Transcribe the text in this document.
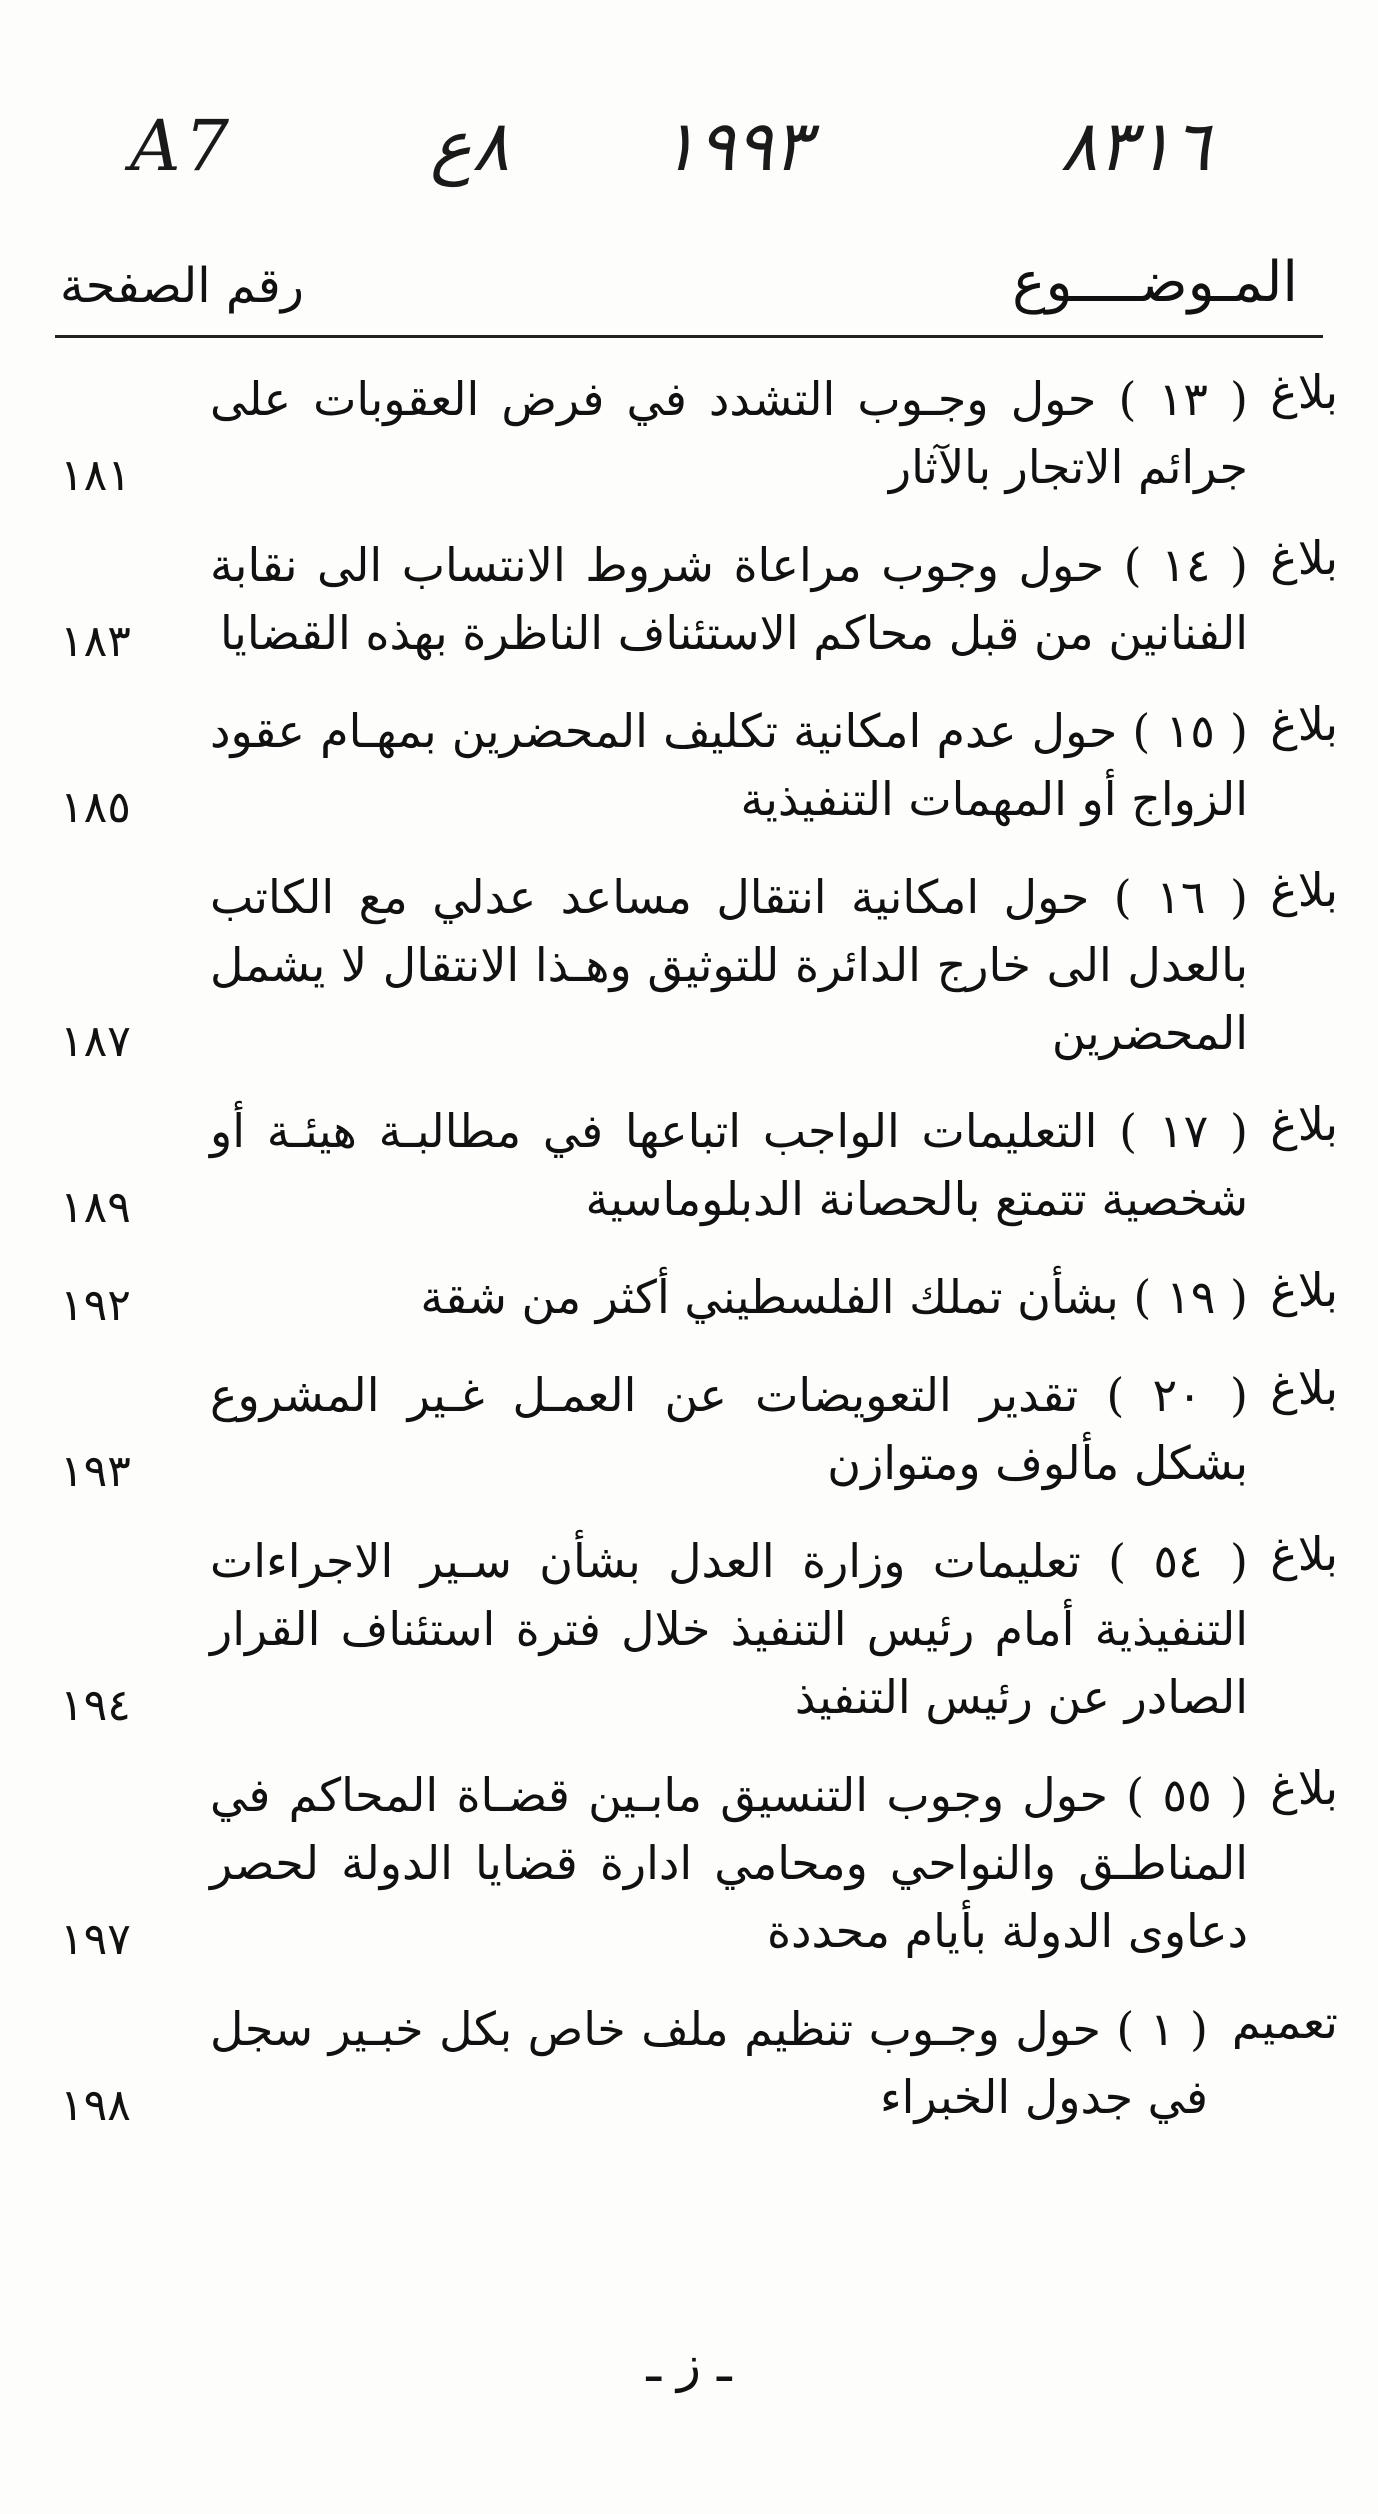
A7	٨ع ١٩٩٣	٨٣١٦
المـوضــــوع
رقم الصفحة
بلاغ
( ١٣ ) حول وجـوب التشدد في فرض العقوبات على جرائم الاتجار بالآثار
١٨١
بلاغ
( ١٤ ) حول وجوب مراعاة شروط الانتساب الى نقابة الفنانين من قبل محاكم الاستئناف الناظرة بهذه القضايا
١٨٣
بلاغ
( ١٥ ) حول عدم امكانية تكليف المحضرين بمهـام عقود الزواج أو المهمات التنفيذية
١٨٥
بلاغ
( ١٦ ) حول امكانية انتقال مساعد عدلي مع الكاتب بالعدل الى خارج الدائرة للتوثيق وهـذا الانتقال لا يشمل المحضرين
١٨٧
بلاغ
( ١٧ ) التعليمات الواجب اتباعها في مطالبـة هيئـة أو شخصية تتمتع بالحصانة الدبلوماسية
١٨٩
بلاغ
( ١٩ ) بشأن تملك الفلسطيني أكثر من شقة
١٩٢
بلاغ
( ٢٠ ) تقدير التعويضات عن العمـل غـير المشروع بشكل مألوف ومتوازن
١٩٣
بلاغ
( ٥٤ ) تعليمات وزارة العدل بشأن سـير الاجراءات التنفيذية أمام رئيس التنفيذ خلال فترة استئناف القرار الصادر عن رئيس التنفيذ
١٩٤
بلاغ
( ٥٥ ) حول وجوب التنسيق مابـين قضـاة المحاكم في المناطـق والنواحي ومحامي ادارة قضايا الدولة لحصر دعاوى الدولة بأيام محددة
١٩٧
تعميم
( ١ ) حول وجـوب تنظيم ملف خاص بكل خبـير سجل في جدول الخبراء
١٩٨
ـ ز ـ
